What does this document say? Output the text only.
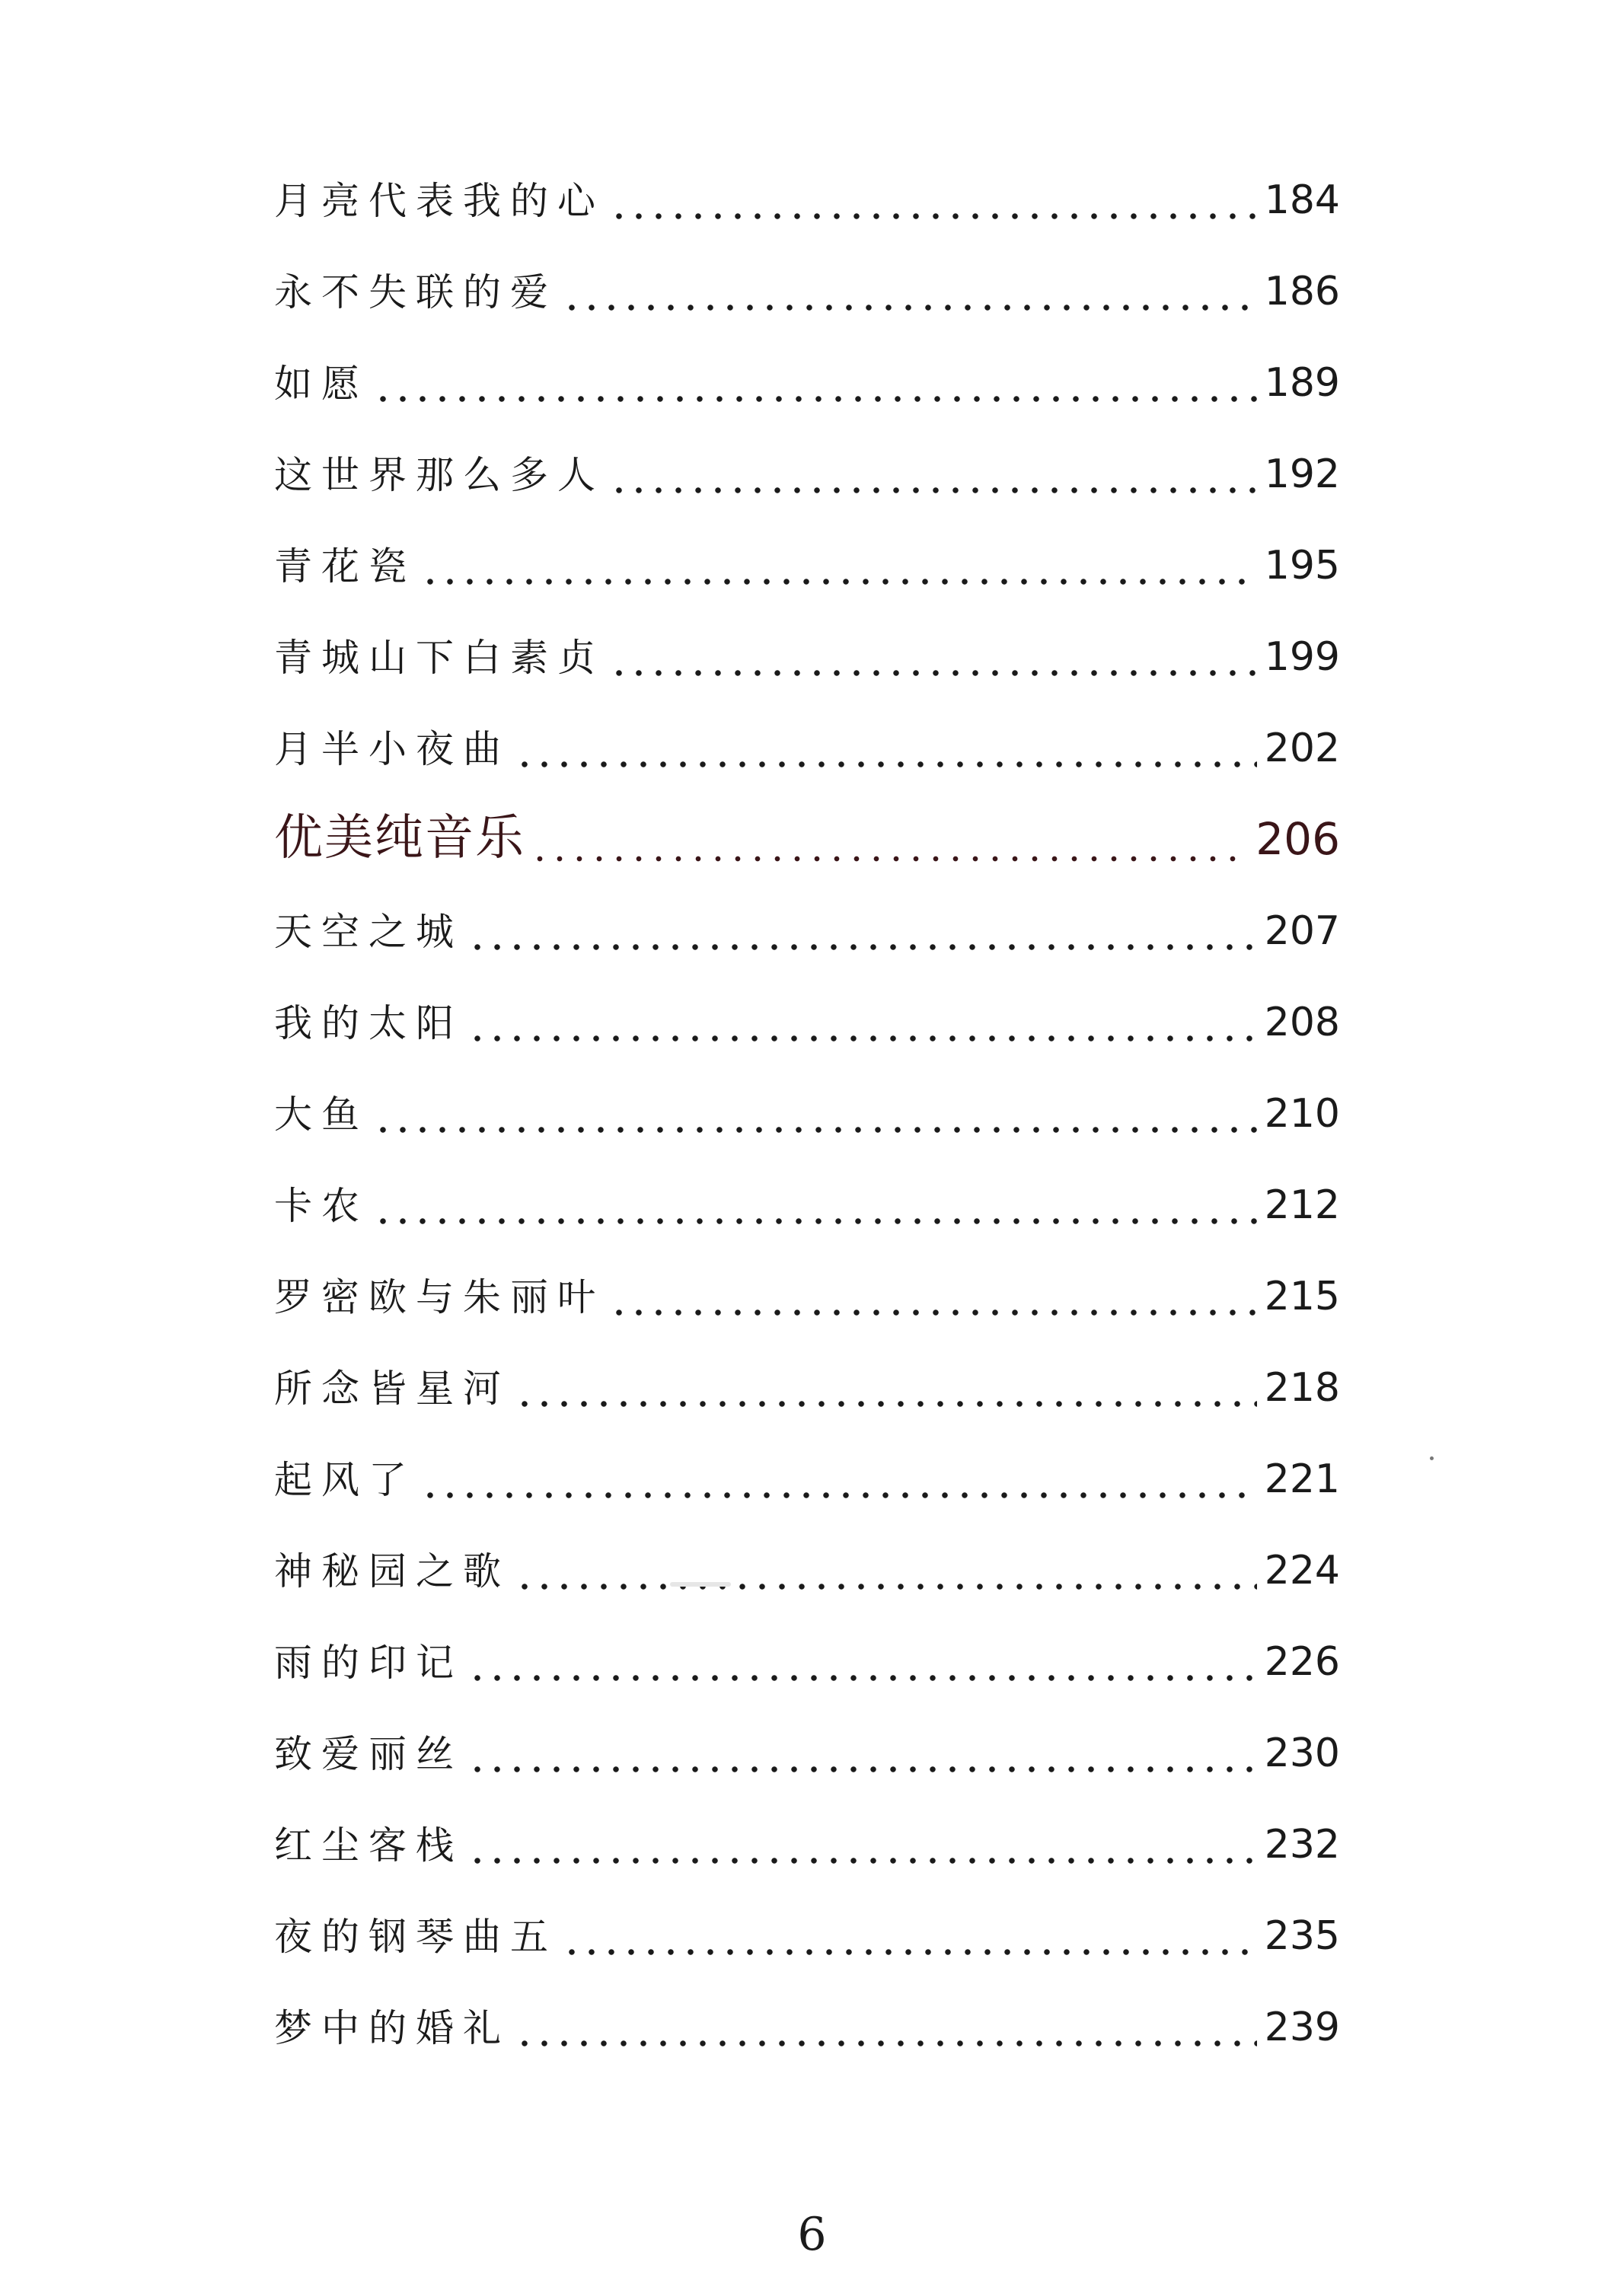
月亮代表我的心	184
永不失联的爱	186
如愿	189
这世界那么多人	192
青花瓷	195
青城山下白素贞	199
月半小夜曲	202
优美纯音乐	206
天空之城	207
我的太阳	208
大鱼	210
卡农	212
罗密欧与朱丽叶	215
所念皆星河	218
起风了	221
神秘园之歌	224
雨的印记	226
致爱丽丝	230
红尘客栈	232
夜的钢琴曲五	235
梦中的婚礼	239
6
